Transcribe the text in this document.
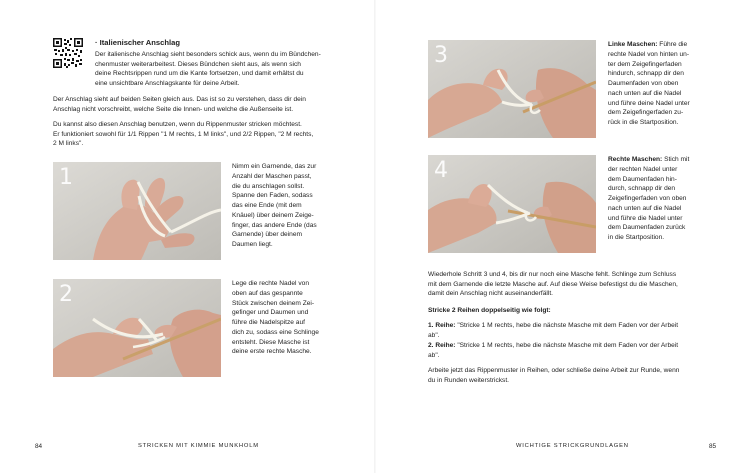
· Italienischer Anschlag
Der italienische Anschlag sieht besonders schick aus, wenn du im Bündchen-
chenmuster weiterarbeitest. Dieses Bündchen sieht aus, als wenn sich
deine Rechtsrippen rund um die Kante fortsetzen, und damit erhältst du
eine unsichtbare Anschlagskante für deine Arbeit.
Der Anschlag sieht auf beiden Seiten gleich aus. Das ist so zu verstehen, dass dir dein
Anschlag nicht vorschreibt, welche Seite die Innen- und welche die Außenseite ist.
Du kannst also diesen Anschlag benutzen, wenn du Rippenmuster stricken möchtest.
Er funktioniert sowohl für 1/1 Rippen "1 M rechts, 1 M links", und 2/2 Rippen, "2 M rechts,
2 M links".
1	Nimm ein Garnende, das zur
Anzahl der Maschen passt,
die du anschlagen sollst.
Spanne den Faden, sodass
das eine Ende (mit dem
Knäuel) über deinem Zeige-
finger, das andere Ende (das
Garnende) über deinem
Daumen liegt.
2	Lege die rechte Nadel von
oben auf das gespannte
Stück zwischen deinem Zei-
gefinger und Daumen und
führe die Nadelspitze auf
dich zu, sodass eine Schlinge
entsteht. Diese Masche ist
deine erste rechte Masche.
84	STRICKEN MIT KIMMIE MUNKHOLM
3	Linke Maschen: Führe die
rechte Nadel von hinten un-
ter dem Zeigefingerfaden
hindurch, schnapp dir den
Daumenfaden von oben
nach unten auf die Nadel
und führe deine Nadel unter
dem Zeigefingerfaden zu-
rück in die Startposition.
4	Rechte Maschen: Stich mit
der rechten Nadel unter
dem Daumenfaden hin-
durch, schnapp dir den
Zeigefingerfaden von oben
nach unten auf die Nadel
und führe die Nadel unter
dem Daumenfaden zurück
in die Startposition.
Wiederhole Schritt 3 und 4, bis dir nur noch eine Masche fehlt. Schlinge zum Schluss
mit dem Garnende die letzte Masche auf. Auf diese Weise befestigst du die Maschen,
damit dein Anschlag nicht auseinanderfällt.
Stricke 2 Reihen doppelseitig wie folgt:
1. Reihe: "Stricke 1 M rechts, hebe die nächste Masche mit dem Faden vor der Arbeit
ab".
2. Reihe: "Stricke 1 M rechts, hebe die nächste Masche mit dem Faden vor der Arbeit
ab".
Arbeite jetzt das Rippenmuster in Reihen, oder schließe deine Arbeit zur Runde, wenn
du in Runden weiterstrickst.
WICHTIGE STRICKGRUNDLAGEN	85
